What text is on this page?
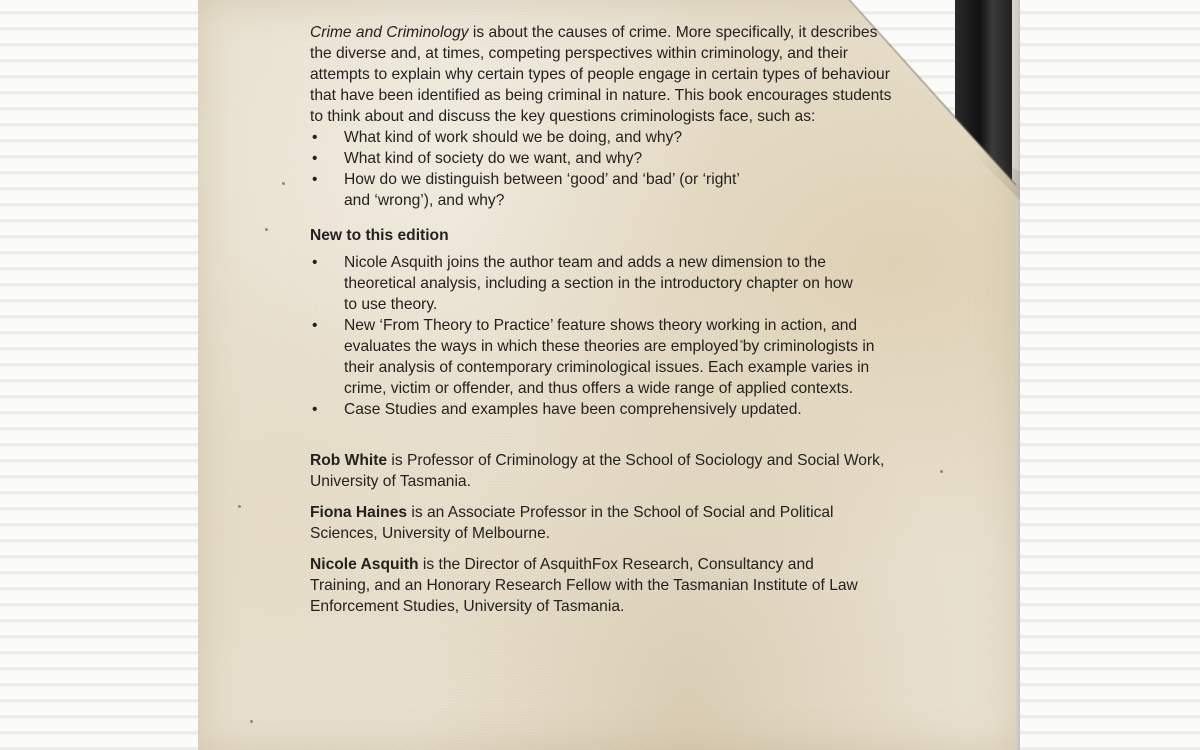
Crime and Criminology is about the causes of crime. More specifically, it describes the diverse and, at times, competing perspectives within criminology, and their attempts to explain why certain types of people engage in certain types of behaviour that have been identified as being criminal in nature. This book encourages students to think about and discuss the key questions criminologists face, such as:

• What kind of work should we be doing, and why?
• What kind of society do we want, and why?
• How do we distinguish between ‘good’ and ‘bad’ (or ‘right’ and ‘wrong’), and why?

New to this edition

• Nicole Asquith joins the author team and adds a new dimension to the theoretical analysis, including a section in the introductory chapter on how to use theory.
• New ‘From Theory to Practice’ feature shows theory working in action, and evaluates the ways in which these theories are employed by criminologists in their analysis of contemporary criminological issues. Each example varies in crime, victim or offender, and thus offers a wide range of applied contexts.
• Case Studies and examples have been comprehensively updated.

Rob White is Professor of Criminology at the School of Sociology and Social Work, University of Tasmania.

Fiona Haines is an Associate Professor in the School of Social and Political Sciences, University of Melbourne.

Nicole Asquith is the Director of AsquithFox Research, Consultancy and Training, and an Honorary Research Fellow with the Tasmanian Institute of Law Enforcement Studies, University of Tasmania.
